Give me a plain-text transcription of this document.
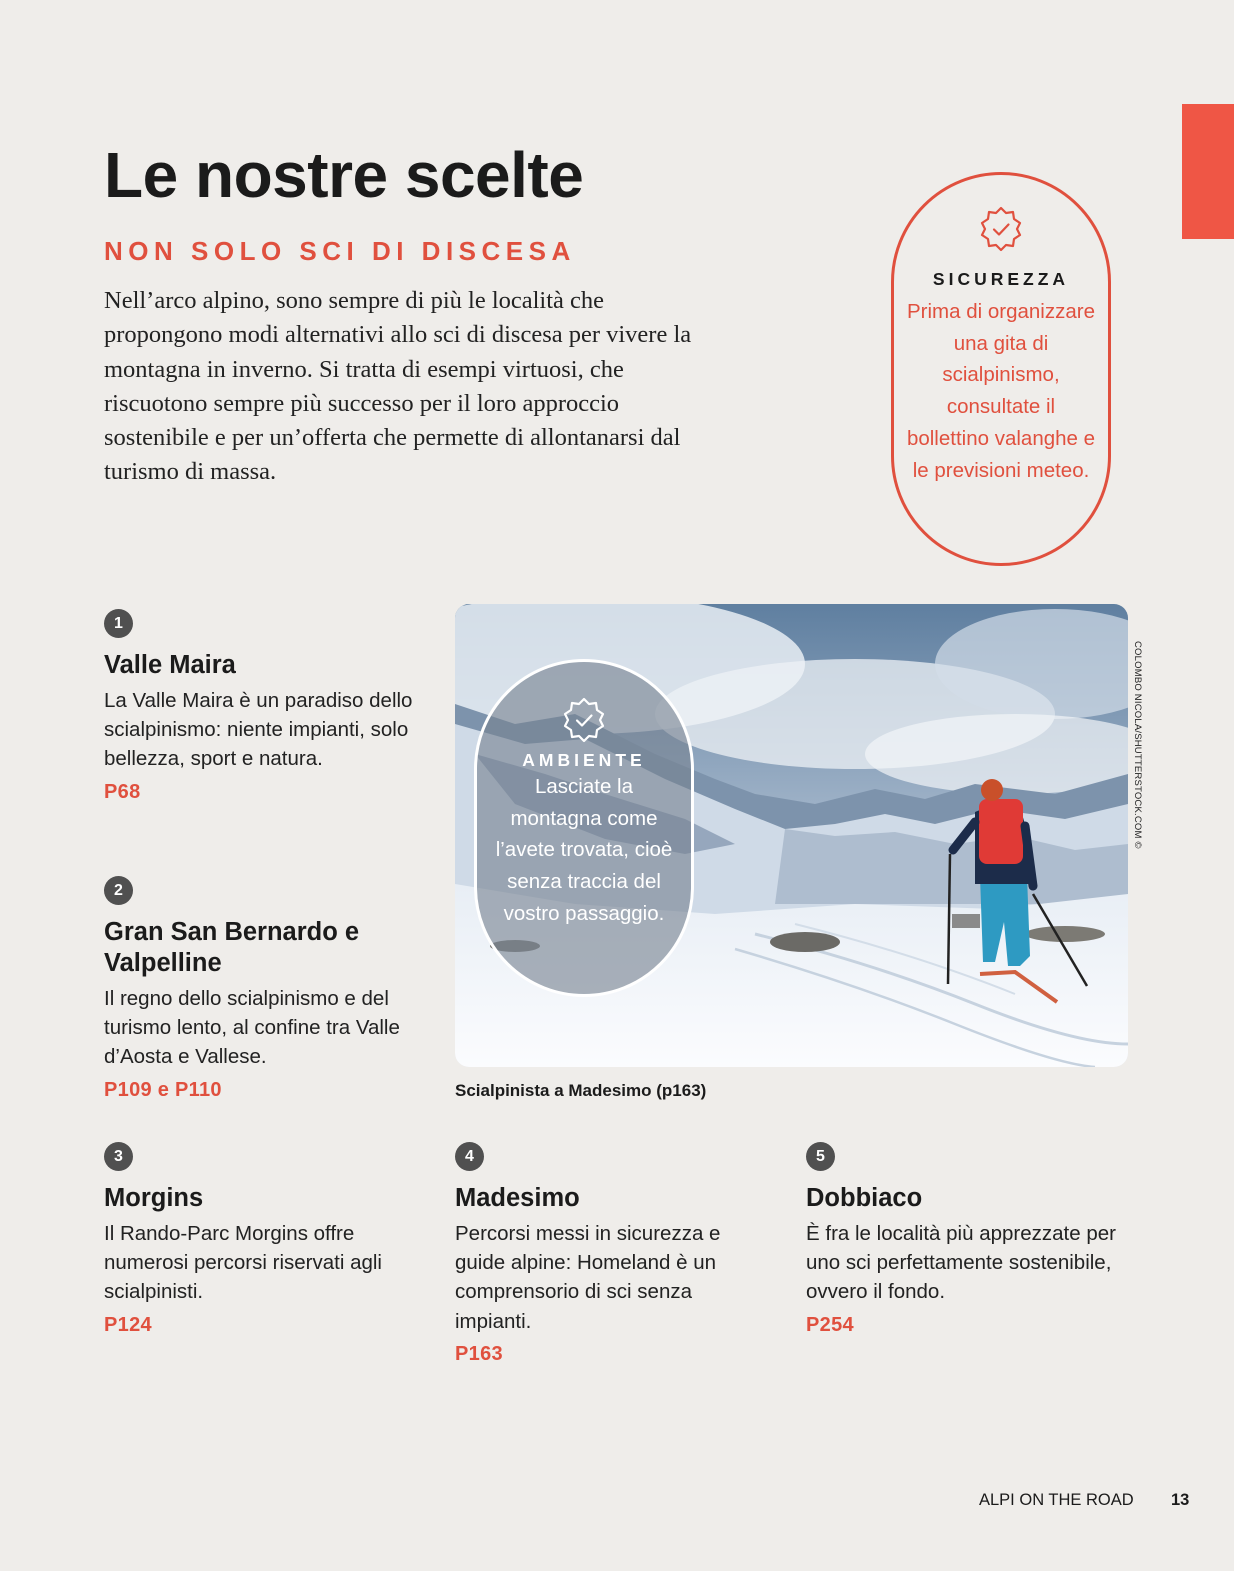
Le nostre scelte
NON SOLO SCI DI DISCESA

Nell’arco alpino, sono sempre di più le località che propongono modi alternativi allo sci di discesa per vivere la montagna in inverno. Si tratta di esempi virtuosi, che riscuotono sempre più successo per il loro approccio sostenibile e per un’offerta che permette di allontanarsi dal turismo di massa.

SICUREZZA
Prima di organizzare una gita di scialpinismo, consultate il bollettino valanghe e le previsioni meteo.
COLOMBO NICOLA/SHUTTERSTOCK.COM ©

Scialpinista a Madesimo (p163)

AMBIENTE
Lasciate la montagna come l’avete trovata, cioè senza traccia del vostro passaggio.
1
Valle Maira

La Valle Maira è un paradiso dello scialpinismo: niente impianti, solo bellezza, sport e natura.

P68
2
Gran San Bernardo e Valpelline

Il regno dello scialpinismo e del turismo lento, al confine tra Valle d’Aosta e Vallese.

P109 e P110
3
Morgins

Il Rando-Parc Morgins offre numerosi percorsi riservati agli scialpinisti.

P124
4
Madesimo

Percorsi messi in sicurezza e guide alpine: Homeland è un comprensorio di sci senza impianti.

P163
5
Dobbiaco

È fra le località più apprezzate per uno sci perfettamente sostenibile, ovvero il fondo.

P254
ALPI ON THE ROAD 13
